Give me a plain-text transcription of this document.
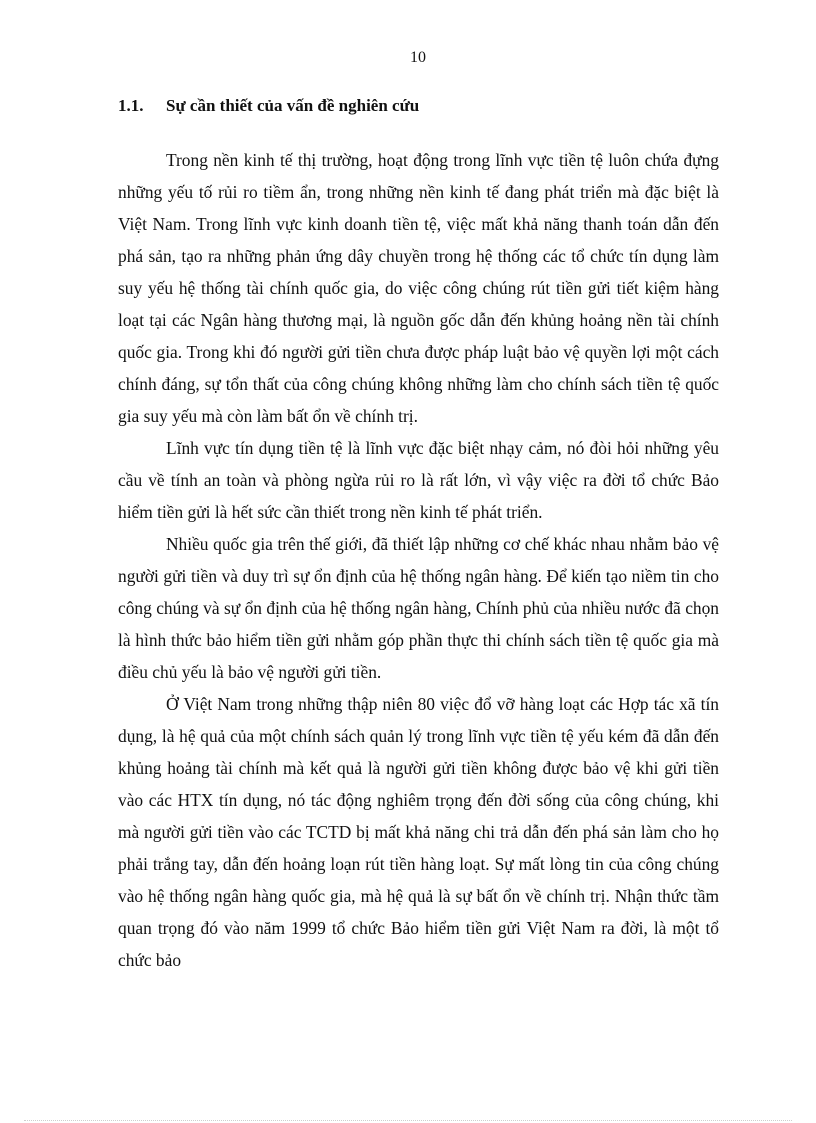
10
1.1. Sự cần thiết của vấn đề nghiên cứu

Trong nền kinh tế thị trường, hoạt động trong lĩnh vực tiền tệ luôn chứa đựng những yếu tố rủi ro tiềm ẩn, trong những nền kinh tế đang phát triển mà đặc biệt là Việt Nam. Trong lĩnh vực kinh doanh tiền tệ, việc mất khả năng thanh toán dẫn đến phá sản, tạo ra những phản ứng dây chuyền trong hệ thống các tổ chức tín dụng làm suy yếu hệ thống tài chính quốc gia, do việc công chúng rút tiền gửi tiết kiệm hàng loạt tại các Ngân hàng thương mại, là nguồn gốc dẫn đến khủng hoảng nền tài chính quốc gia. Trong khi đó người gửi tiền chưa được pháp luật bảo vệ quyền lợi một cách chính đáng, sự tổn thất của công chúng không những làm cho chính sách tiền tệ quốc gia suy yếu mà còn làm bất ổn về chính trị.

Lĩnh vực tín dụng tiền tệ là lĩnh vực đặc biệt nhạy cảm, nó đòi hỏi những yêu cầu về tính an toàn và phòng ngừa rủi ro là rất lớn, vì vậy việc ra đời tổ chức Bảo hiểm tiền gửi là hết sức cần thiết trong nền kinh tế phát triển.

Nhiều quốc gia trên thế giới, đã thiết lập những cơ chế khác nhau nhằm bảo vệ người gửi tiền và duy trì sự ổn định của hệ thống ngân hàng. Để kiến tạo niềm tin cho công chúng và sự ổn định của hệ thống ngân hàng, Chính phủ của nhiều nước đã chọn là hình thức bảo hiểm tiền gửi nhằm góp phần thực thi chính sách tiền tệ quốc gia mà điều chủ yếu là bảo vệ người gửi tiền.

Ở Việt Nam trong những thập niên 80 việc đổ vỡ hàng loạt các Hợp tác xã tín dụng, là hệ quả của một chính sách quản lý trong lĩnh vực tiền tệ yếu kém đã dẫn đến khủng hoảng tài chính mà kết quả là người gửi tiền không được bảo vệ khi gửi tiền vào các HTX tín dụng, nó tác động nghiêm trọng đến đời sống của công chúng, khi mà người gửi tiền vào các TCTD bị mất khả năng chi trả dẫn đến phá sản làm cho họ phải trắng tay, dẫn đến hoảng loạn rút tiền hàng loạt. Sự mất lòng tin của công chúng vào hệ thống ngân hàng quốc gia, mà hệ quả là sự bất ổn về chính trị. Nhận thức tầm quan trọng đó vào năm 1999 tổ chức Bảo hiểm tiền gửi Việt Nam ra đời, là một tổ chức bảo
